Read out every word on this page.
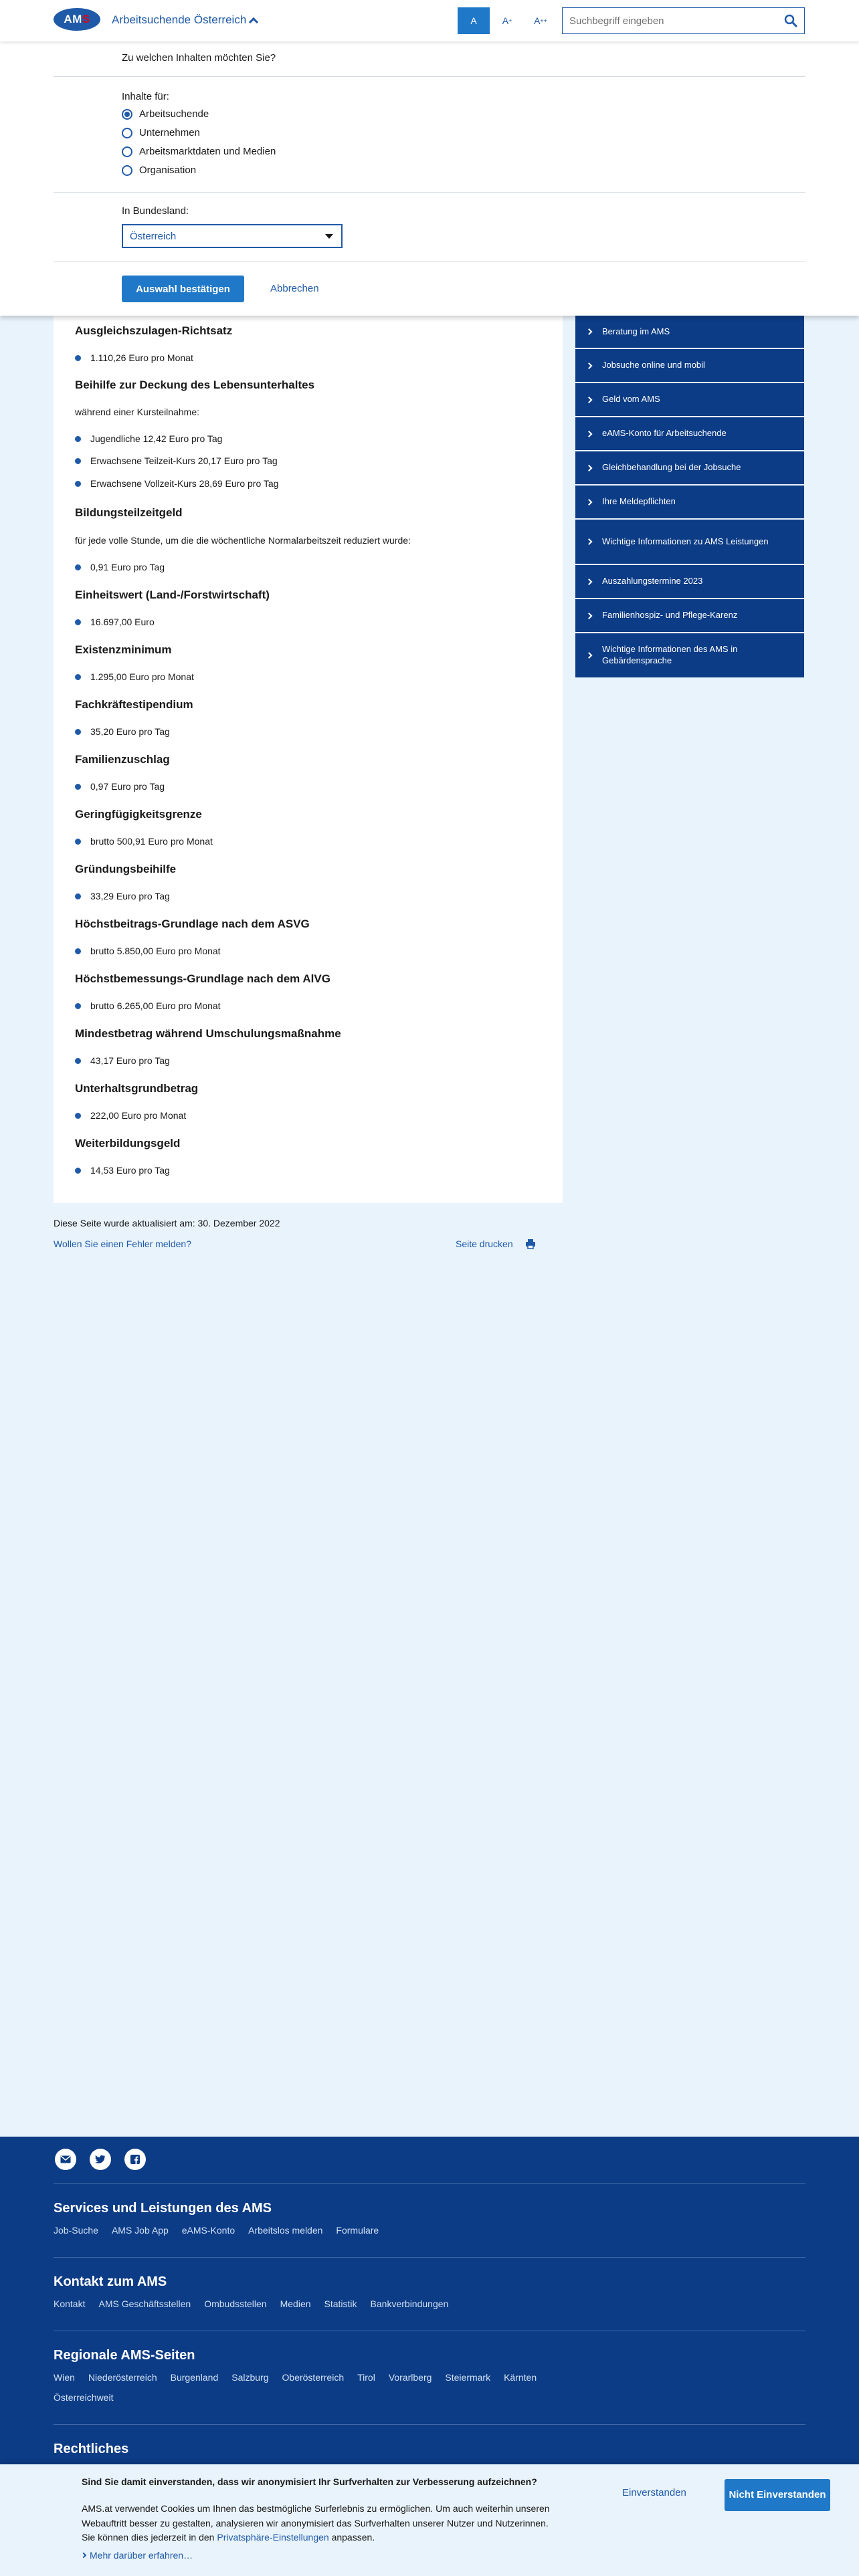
AM S Arbeitsuchende Österreich	A	A + A ++
Suchbegriff eingeben
Zu welchen Inhalten möchten Sie?
Inhalte für:
Arbeitsuchende
Unternehmen
Arbeitsmarktdaten und Medien
Organisation
In Bundesland:
Österreich
Auswahl bestätigen	Abbrechen
Ausgleichszulagen-Richtsatz
1.110,26 Euro pro Monat
Beihilfe zur Deckung des Lebensunterhaltes
während einer Kursteilnahme:
Jugendliche 12,42 Euro pro Tag
Erwachsene Teilzeit-Kurs 20,17 Euro pro Tag
Erwachsene Vollzeit-Kurs 28,69 Euro pro Tag
Bildungsteilzeitgeld
für jede volle Stunde, um die die wöchentliche Normalarbeitszeit reduziert wurde:
0,91 Euro pro Tag
Einheitswert (Land-/Forstwirtschaft)
16.697,00 Euro
Existenzminimum
1.295,00 Euro pro Monat
Fachkräftestipendium
35,20 Euro pro Tag
Familienzuschlag
0,97 Euro pro Tag
Geringfügigkeitsgrenze
brutto 500,91 Euro pro Monat
Gründungsbeihilfe
33,29 Euro pro Tag
Höchstbeitrags-Grundlage nach dem ASVG
brutto 5.850,00 Euro pro Monat
Höchstbemessungs-Grundlage nach dem AlVG
brutto 6.265,00 Euro pro Monat
Mindestbetrag während Umschulungsmaßnahme
43,17 Euro pro Tag
Unterhaltsgrundbetrag
222,00 Euro pro Monat
Weiterbildungsgeld
14,53 Euro pro Tag
Diese Seite wurde aktualisiert am: 30. Dezember 2022
Wollen Sie einen Fehler melden?	Seite drucken
Beratung im AMS
Jobsuche online und mobil
Geld vom AMS
eAMS-Konto für Arbeitsuchende
Gleichbehandlung bei der Jobsuche
Ihre Meldepflichten
Wichtige Informationen zu AMS Leistungen
Auszahlungstermine 2023
Familienhospiz- und Pflege-Karenz
Wichtige Informationen des AMS in Gebärdensprache
Services und Leistungen des AMS
Job-Suche AMS Job App eAMS-Konto Arbeitslos melden Formulare
Kontakt zum AMS
Kontakt AMS Geschäftsstellen Ombudsstellen Medien Statistik Bankverbindungen
Regionale AMS-Seiten
Wien Niederösterreich Burgenland Salzburg Oberösterreich Tirol Vorarlberg Steiermark Kärnten
Österreichweit
Rechtliches
Sind Sie damit einverstanden, dass wir anonymisiert Ihr Surfverhalten zur Verbesserung aufzeichnen?
AMS.at verwendet Cookies um Ihnen das bestmögliche Surferlebnis zu ermöglichen. Um auch weiterhin unseren Webauftritt besser zu gestalten, analysieren wir anonymisiert das Surfverhalten unserer Nutzer und Nutzerinnen. Sie können dies jederzeit in den Privatsphäre-Einstellungen anpassen.
Mehr darüber erfahren…
Einverstanden	Nicht Einverstanden
